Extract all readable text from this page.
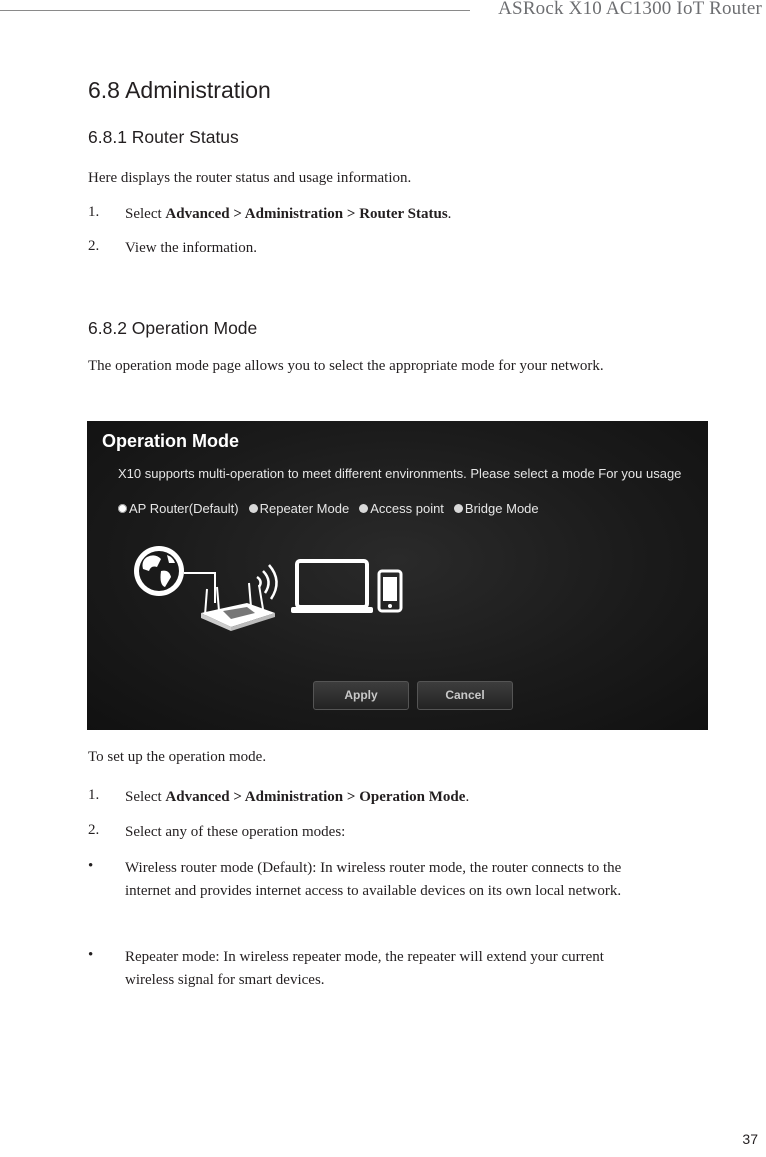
ASRock X10 AC1300 IoT Router
6.8 Administration
6.8.1 Router Status
Here displays the router status and usage information.
1. Select Advanced > Administration > Router Status.
2. View the information.
6.8.2 Operation Mode
The operation mode page allows you to select the appropriate mode for your network.
Operation Mode
X10 supports multi-operation to meet different environments. Please select a mode For you usage
AP Router(Default) Repeater Mode Access point Bridge Mode
Apply	Cancel
To set up the operation mode.
1. Select Advanced > Administration > Operation Mode.
2. Select any of these operation modes:
• Wireless router mode (Default): In wireless router mode, the router connects to the internet and provides internet access to available devices on its own local network.
• Repeater mode: In wireless repeater mode, the repeater will extend your current wireless signal for smart devices.
37
